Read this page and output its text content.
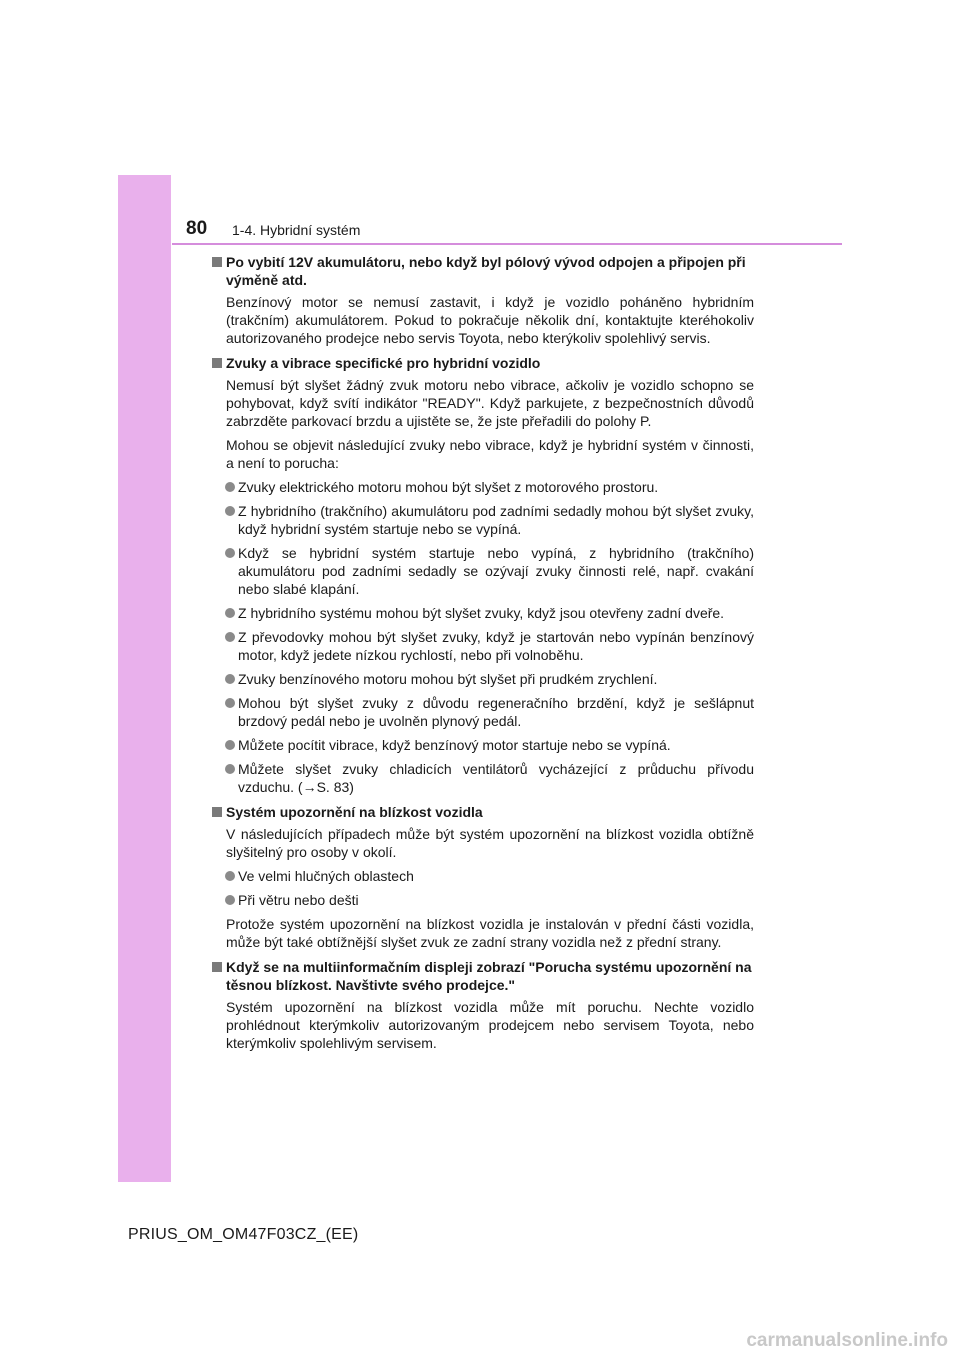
80 1-4. Hybridní systém
Po vybití 12V akumulátoru, nebo když byl pólový vývod odpojen a připojen při výměně atd.
Benzínový motor se nemusí zastavit, i když je vozidlo poháněno hybridním (trakčním) akumulátorem. Pokud to pokračuje několik dní, kontaktujte kteréhokoliv autorizovaného prodejce nebo servis Toyota, nebo kterýkoliv spolehlivý servis.
Zvuky a vibrace specifické pro hybridní vozidlo
Nemusí být slyšet žádný zvuk motoru nebo vibrace, ačkoliv je vozidlo schopno se pohybovat, když svítí indikátor "READY". Když parkujete, z bezpečnostních důvodů zabrzděte parkovací brzdu a ujistěte se, že jste přeřadili do polohy P.
Mohou se objevit následující zvuky nebo vibrace, když je hybridní systém v činnosti, a není to porucha:
Zvuky elektrického motoru mohou být slyšet z motorového prostoru.
Z hybridního (trakčního) akumulátoru pod zadními sedadly mohou být slyšet zvuky, když hybridní systém startuje nebo se vypíná.
Když se hybridní systém startuje nebo vypíná, z hybridního (trakčního) akumulátoru pod zadními sedadly se ozývají zvuky činnosti relé, např. cvakání nebo slabé klapání.
Z hybridního systému mohou být slyšet zvuky, když jsou otevřeny zadní dveře.
Z převodovky mohou být slyšet zvuky, když je startován nebo vypínán benzínový motor, když jedete nízkou rychlostí, nebo při volnoběhu.
Zvuky benzínového motoru mohou být slyšet při prudkém zrychlení.
Mohou být slyšet zvuky z důvodu regeneračního brzdění, když je sešlápnut brzdový pedál nebo je uvolněn plynový pedál.
Můžete pocítit vibrace, když benzínový motor startuje nebo se vypíná.
Můžete slyšet zvuky chladicích ventilátorů vycházející z průduchu přívodu vzduchu. (→S. 83)
Systém upozornění na blízkost vozidla
V následujících případech může být systém upozornění na blízkost vozidla obtížně slyšitelný pro osoby v okolí.
Ve velmi hlučných oblastech
Při větru nebo dešti
Protože systém upozornění na blízkost vozidla je instalován v přední části vozidla, může být také obtížnější slyšet zvuk ze zadní strany vozidla než z přední strany.
Když se na multiinformačním displeji zobrazí "Porucha systému upozornění na těsnou blízkost. Navštivte svého prodejce."
Systém upozornění na blízkost vozidla může mít poruchu. Nechte vozidlo prohlédnout kterýmkoliv autorizovaným prodejcem nebo servisem Toyota, nebo kterýmkoliv spolehlivým servisem.
PRIUS_OM_OM47F03CZ_(EE)
carmanualsonline.info
